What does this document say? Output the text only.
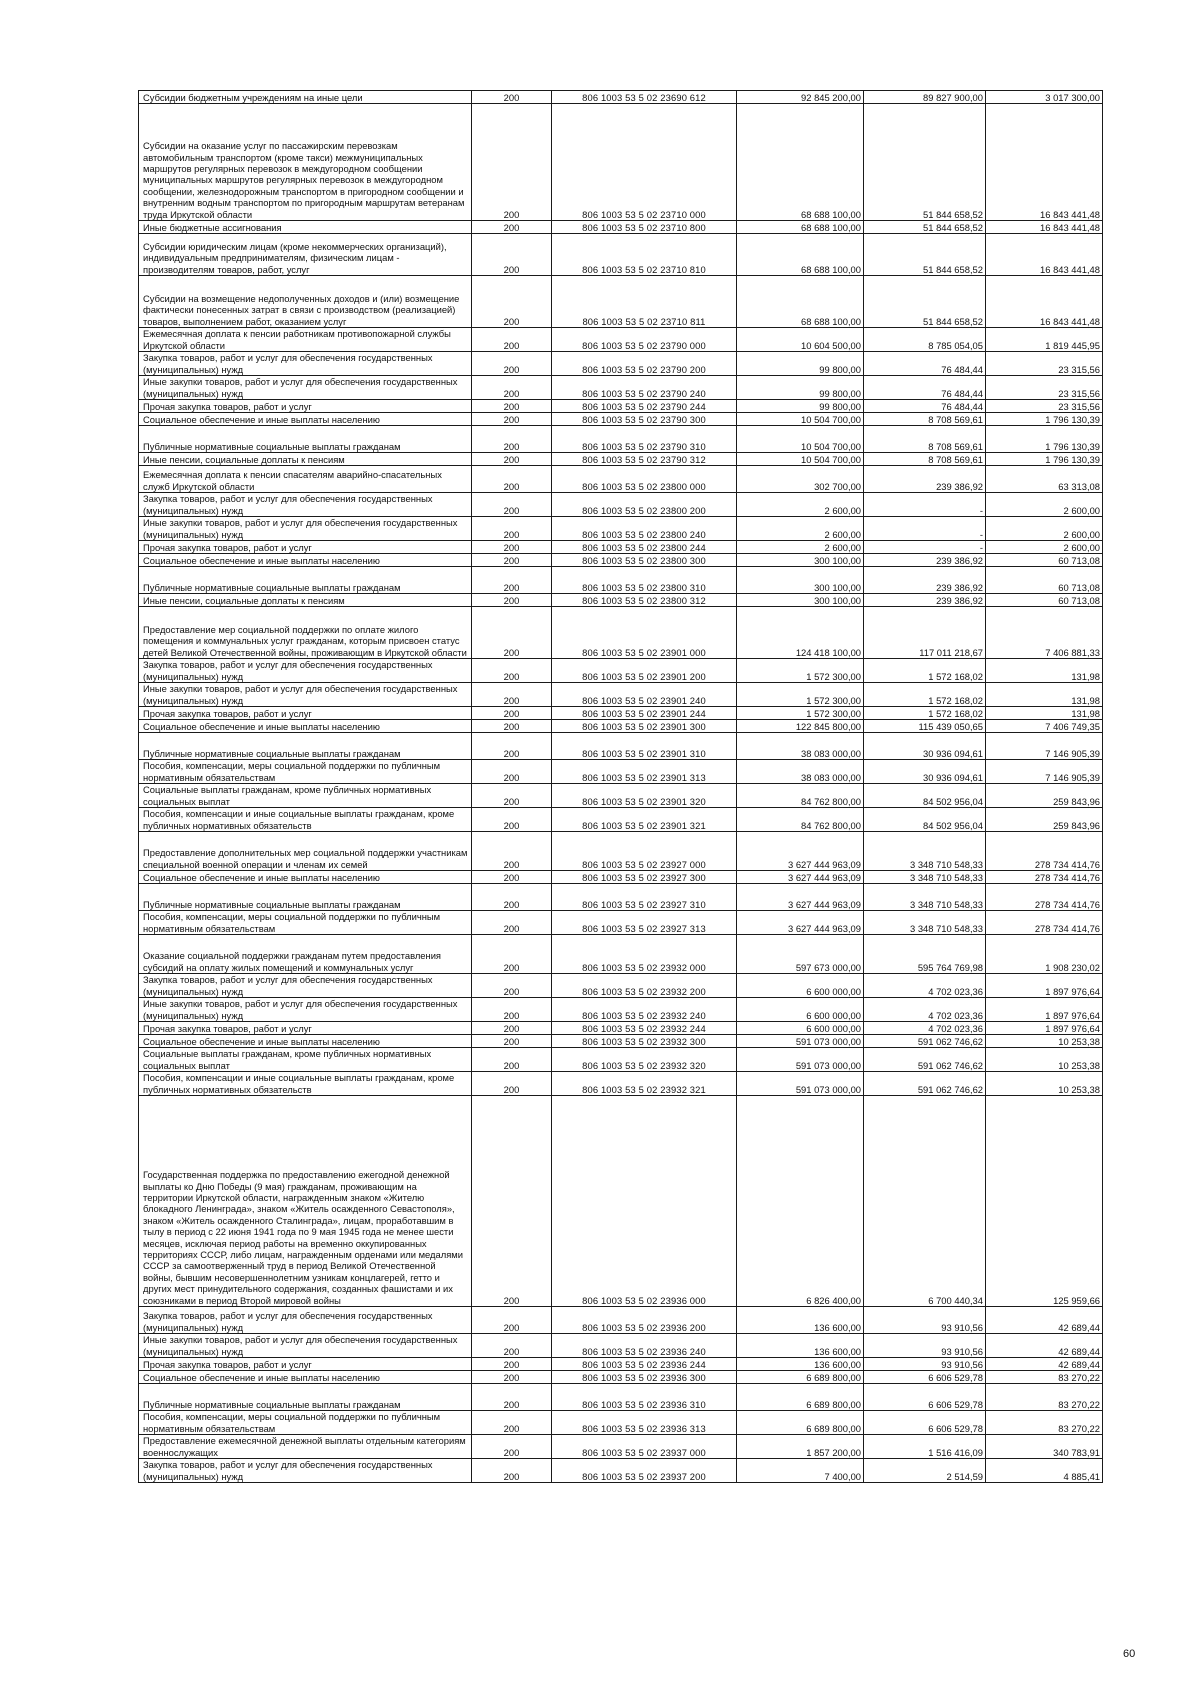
Субсидии бюджетным учреждениям на иные цели	200	806 1003 53 5 02 23690 612	92 845 200,00	89 827 900,00	3 017 300,00
Субсидии на оказание услуг по пассажирским перевозкам автомобильным транспортом (кроме такси) межмуниципальных маршрутов регулярных перевозок в междугородном сообщении муниципальных маршрутов регулярных перевозок в междугородном сообщении, железнодорожным транспортом в пригородном сообщении и внутренним водным транспортом по пригородным маршрутам ветеранам труда Иркутской области	200	806 1003 53 5 02 23710 000	68 688 100,00	51 844 658,52	16 843 441,48
Иные бюджетные ассигнования	200	806 1003 53 5 02 23710 800	68 688 100,00	51 844 658,52	16 843 441,48
Субсидии юридическим лицам (кроме некоммерческих организаций), индивидуальным предпринимателям, физическим лицам - производителям товаров, работ, услуг	200	806 1003 53 5 02 23710 810	68 688 100,00	51 844 658,52	16 843 441,48
Субсидии на возмещение недополученных доходов и (или) возмещение фактически понесенных затрат в связи с производством (реализацией) товаров, выполнением работ, оказанием услуг	200	806 1003 53 5 02 23710 811	68 688 100,00	51 844 658,52	16 843 441,48
Ежемесячная доплата к пенсии работникам противопожарной службы Иркутской области	200	806 1003 53 5 02 23790 000	10 604 500,00	8 785 054,05	1 819 445,95
Закупка товаров, работ и услуг для обеспечения государственных (муниципальных) нужд	200	806 1003 53 5 02 23790 200	99 800,00	76 484,44	23 315,56
Иные закупки товаров, работ и услуг для обеспечения государственных (муниципальных) нужд	200	806 1003 53 5 02 23790 240	99 800,00	76 484,44	23 315,56
Прочая закупка товаров, работ и услуг	200	806 1003 53 5 02 23790 244	99 800,00	76 484,44	23 315,56
Социальное обеспечение и иные выплаты населению	200	806 1003 53 5 02 23790 300	10 504 700,00	8 708 569,61	1 796 130,39
Публичные нормативные социальные выплаты гражданам	200	806 1003 53 5 02 23790 310	10 504 700,00	8 708 569,61	1 796 130,39
Иные пенсии, социальные доплаты к пенсиям	200	806 1003 53 5 02 23790 312	10 504 700,00	8 708 569,61	1 796 130,39
Ежемесячная доплата к пенсии спасателям аварийно-спасательных служб Иркутской области	200	806 1003 53 5 02 23800 000	302 700,00	239 386,92	63 313,08
Закупка товаров, работ и услуг для обеспечения государственных (муниципальных) нужд	200	806 1003 53 5 02 23800 200	2 600,00	-	2 600,00
Иные закупки товаров, работ и услуг для обеспечения государственных (муниципальных) нужд	200	806 1003 53 5 02 23800 240	2 600,00	-	2 600,00
Прочая закупка товаров, работ и услуг	200	806 1003 53 5 02 23800 244	2 600,00	-	2 600,00
Социальное обеспечение и иные выплаты населению	200	806 1003 53 5 02 23800 300	300 100,00	239 386,92	60 713,08
Публичные нормативные социальные выплаты гражданам	200	806 1003 53 5 02 23800 310	300 100,00	239 386,92	60 713,08
Иные пенсии, социальные доплаты к пенсиям	200	806 1003 53 5 02 23800 312	300 100,00	239 386,92	60 713,08
Предоставление мер социальной поддержки по оплате жилого помещения и коммунальных услуг гражданам, которым присвоен статус детей Великой Отечественной войны, проживающим в Иркутской области	200	806 1003 53 5 02 23901 000	124 418 100,00	117 011 218,67	7 406 881,33
Закупка товаров, работ и услуг для обеспечения государственных (муниципальных) нужд	200	806 1003 53 5 02 23901 200	1 572 300,00	1 572 168,02	131,98
Иные закупки товаров, работ и услуг для обеспечения государственных (муниципальных) нужд	200	806 1003 53 5 02 23901 240	1 572 300,00	1 572 168,02	131,98
Прочая закупка товаров, работ и услуг	200	806 1003 53 5 02 23901 244	1 572 300,00	1 572 168,02	131,98
Социальное обеспечение и иные выплаты населению	200	806 1003 53 5 02 23901 300	122 845 800,00	115 439 050,65	7 406 749,35
Публичные нормативные социальные выплаты гражданам	200	806 1003 53 5 02 23901 310	38 083 000,00	30 936 094,61	7 146 905,39
Пособия, компенсации, меры социальной поддержки по публичным нормативным обязательствам	200	806 1003 53 5 02 23901 313	38 083 000,00	30 936 094,61	7 146 905,39
Социальные выплаты гражданам, кроме публичных нормативных социальных выплат	200	806 1003 53 5 02 23901 320	84 762 800,00	84 502 956,04	259 843,96
Пособия, компенсации и иные социальные выплаты гражданам, кроме публичных нормативных обязательств	200	806 1003 53 5 02 23901 321	84 762 800,00	84 502 956,04	259 843,96
Предоставление дополнительных мер социальной поддержки участникам специальной военной операции и членам их семей	200	806 1003 53 5 02 23927 000	3 627 444 963,09	3 348 710 548,33	278 734 414,76
Социальное обеспечение и иные выплаты населению	200	806 1003 53 5 02 23927 300	3 627 444 963,09	3 348 710 548,33	278 734 414,76
Публичные нормативные социальные выплаты гражданам	200	806 1003 53 5 02 23927 310	3 627 444 963,09	3 348 710 548,33	278 734 414,76
Пособия, компенсации, меры социальной поддержки по публичным нормативным обязательствам	200	806 1003 53 5 02 23927 313	3 627 444 963,09	3 348 710 548,33	278 734 414,76
Оказание социальной поддержки гражданам путем предоставления субсидий на оплату жилых помещений и коммунальных услуг	200	806 1003 53 5 02 23932 000	597 673 000,00	595 764 769,98	1 908 230,02
Закупка товаров, работ и услуг для обеспечения государственных (муниципальных) нужд	200	806 1003 53 5 02 23932 200	6 600 000,00	4 702 023,36	1 897 976,64
Иные закупки товаров, работ и услуг для обеспечения государственных (муниципальных) нужд	200	806 1003 53 5 02 23932 240	6 600 000,00	4 702 023,36	1 897 976,64
Прочая закупка товаров, работ и услуг	200	806 1003 53 5 02 23932 244	6 600 000,00	4 702 023,36	1 897 976,64
Социальное обеспечение и иные выплаты населению	200	806 1003 53 5 02 23932 300	591 073 000,00	591 062 746,62	10 253,38
Социальные выплаты гражданам, кроме публичных нормативных социальных выплат	200	806 1003 53 5 02 23932 320	591 073 000,00	591 062 746,62	10 253,38
Пособия, компенсации и иные социальные выплаты гражданам, кроме публичных нормативных обязательств	200	806 1003 53 5 02 23932 321	591 073 000,00	591 062 746,62	10 253,38
Государственная поддержка по предоставлению ежегодной денежной выплаты ко Дню Победы (9 мая) гражданам, проживающим на территории Иркутской области, награжденным знаком «Жителю блокадного Ленинграда», знаком «Житель осажденного Севастополя», знаком «Житель осажденного Сталинграда», лицам, проработавшим в тылу в период с 22 июня 1941 года по 9 мая 1945 года не менее шести месяцев, исключая период работы на временно оккупированных территориях СССР, либо лицам, награжденным орденами или медалями СССР за самоотверженный труд в период Великой Отечественной войны, бывшим несовершеннолетним узникам концлагерей, гетто и других мест принудительного содержания, созданных фашистами и их союзниками в период Второй мировой войны	200	806 1003 53 5 02 23936 000	6 826 400,00	6 700 440,34	125 959,66
Закупка товаров, работ и услуг для обеспечения государственных (муниципальных) нужд	200	806 1003 53 5 02 23936 200	136 600,00	93 910,56	42 689,44
Иные закупки товаров, работ и услуг для обеспечения государственных (муниципальных) нужд	200	806 1003 53 5 02 23936 240	136 600,00	93 910,56	42 689,44
Прочая закупка товаров, работ и услуг	200	806 1003 53 5 02 23936 244	136 600,00	93 910,56	42 689,44
Социальное обеспечение и иные выплаты населению	200	806 1003 53 5 02 23936 300	6 689 800,00	6 606 529,78	83 270,22
Публичные нормативные социальные выплаты гражданам	200	806 1003 53 5 02 23936 310	6 689 800,00	6 606 529,78	83 270,22
Пособия, компенсации, меры социальной поддержки по публичным нормативным обязательствам	200	806 1003 53 5 02 23936 313	6 689 800,00	6 606 529,78	83 270,22
Предоставление ежемесячной денежной выплаты отдельным категориям военнослужащих	200	806 1003 53 5 02 23937 000	1 857 200,00	1 516 416,09	340 783,91
Закупка товаров, работ и услуг для обеспечения государственных (муниципальных) нужд	200	806 1003 53 5 02 23937 200	7 400,00	2 514,59	4 885,41
60
